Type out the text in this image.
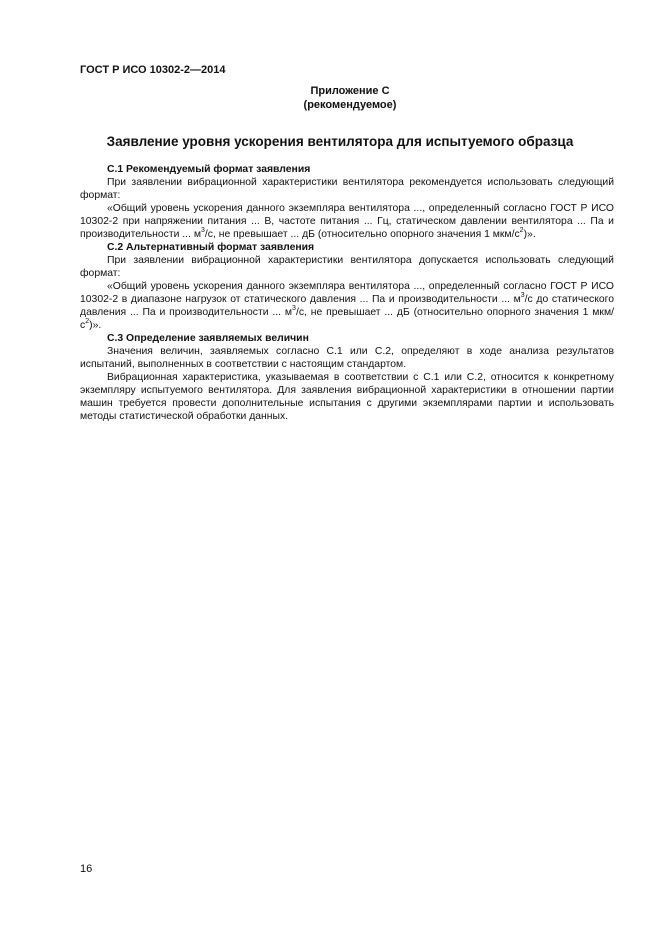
ГОСТ Р ИСО 10302-2—2014
Приложение С
(рекомендуемое)
Заявление уровня ускорения вентилятора для испытуемого образца
С.1 Рекомендуемый формат заявления

При заявлении вибрационной характеристики вентилятора рекомендуется использовать следующий формат:

«Общий уровень ускорения данного экземпляра вентилятора ..., определенный согласно ГОСТ Р ИСО 10302-2 при напряжении питания ... В, частоте питания ... Гц, статическом давлении вентилятора ... Па и производительности ... $м^3/с$, не превышает ... дБ (относительно опорного значения 1 мкм/$с^2$)».

С.2 Альтернативный формат заявления

При заявлении вибрационной характеристики вентилятора допускается использовать следующий формат:

«Общий уровень ускорения данного экземпляра вентилятора ..., определенный согласно ГОСТ Р ИСО 10302-2 в диапазоне нагрузок от статического давления ... Па и производительности ... $м^3/с$ до статического давления ... Па и производительности ... $м^3/с$, не превышает ... дБ (относительно опорного значения 1 мкм/$с^2$)».

С.3 Определение заявляемых величин

Значения величин, заявляемых согласно С.1 или С.2, определяют в ходе анализа результатов испытаний, выполненных в соответствии с настоящим стандартом.

Вибрационная характеристика, указываемая в соответствии с С.1 или С.2, относится к конкретному экземпляру испытуемого вентилятора. Для заявления вибрационной характеристики в отношении партии машин требуется провести дополнительные испытания с другими экземплярами партии и использовать методы статистической обработки данных.

16
